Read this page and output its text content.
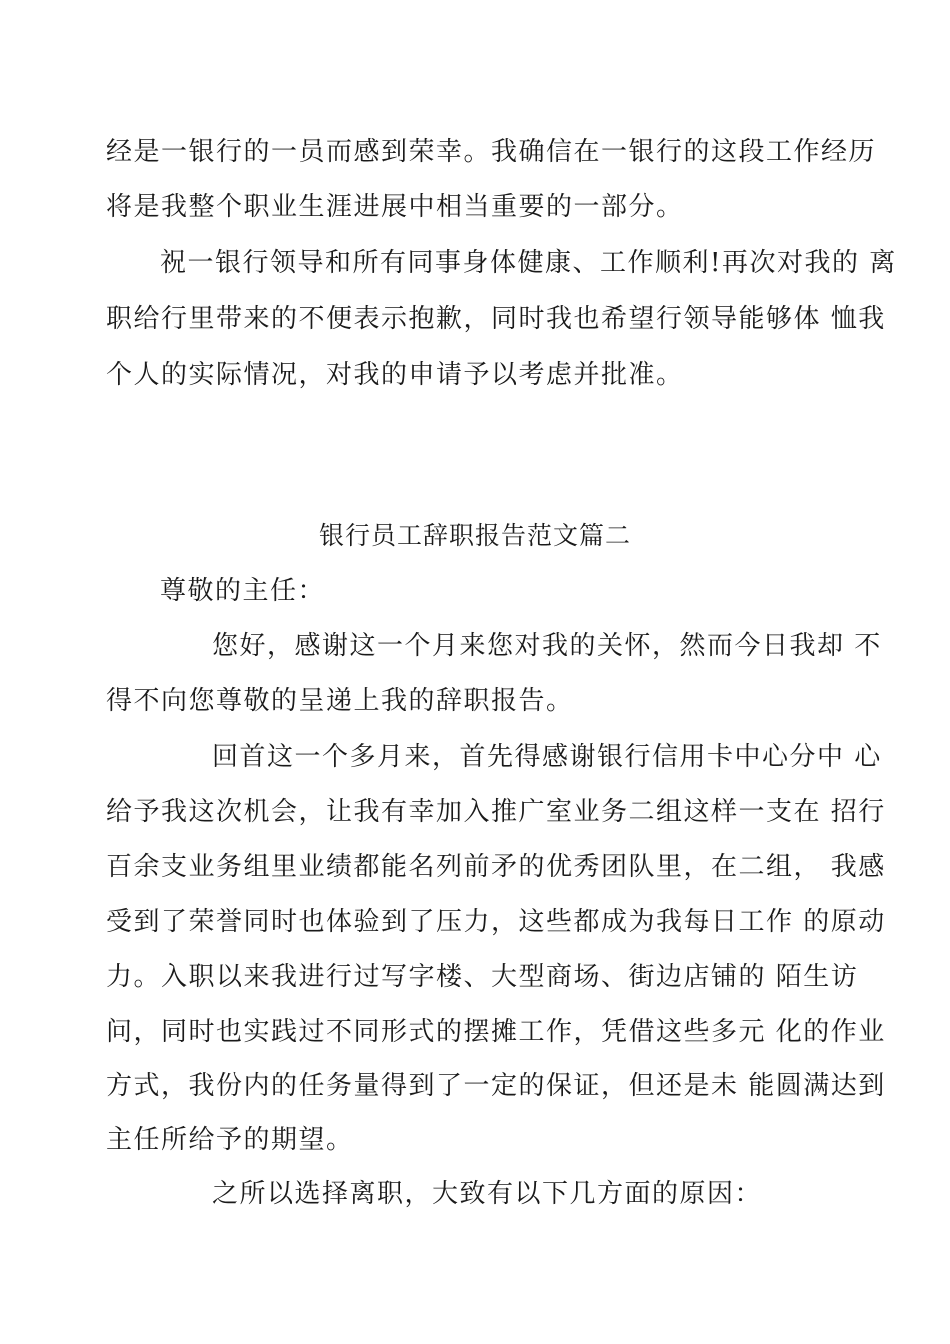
经是一银行的一员而感到荣幸。我确信在一银行的这段工作经历
将是我整个职业生涯进展中相当重要的一部分。
祝一银行领导和所有同事身体健康、工作顺利!再次对我的 离
职给行里带来的不便表示抱歉，同时我也希望行领导能够体 恤我
个人的实际情况，对我的申请予以考虑并批准。
银行员工辞职报告范文篇二
尊敬的主任：
您好，感谢这一个月来您对我的关怀，然而今日我却 不
得不向您尊敬的呈递上我的辞职报告。
回首这一个多月来，首先得感谢银行信用卡中心分中 心
给予我这次机会，让我有幸加入推广室业务二组这样一支在 招行
百余支业务组里业绩都能名列前矛的优秀团队里，在二组， 我感
受到了荣誉同时也体验到了压力，这些都成为我每日工作 的原动
力。入职以来我进行过写字楼、大型商场、街边店铺的 陌生访
问，同时也实践过不同形式的摆摊工作，凭借这些多元 化的作业
方式，我份内的任务量得到了一定的保证，但还是未 能圆满达到
主任所给予的期望。
之所以选择离职，大致有以下几方面的原因：
